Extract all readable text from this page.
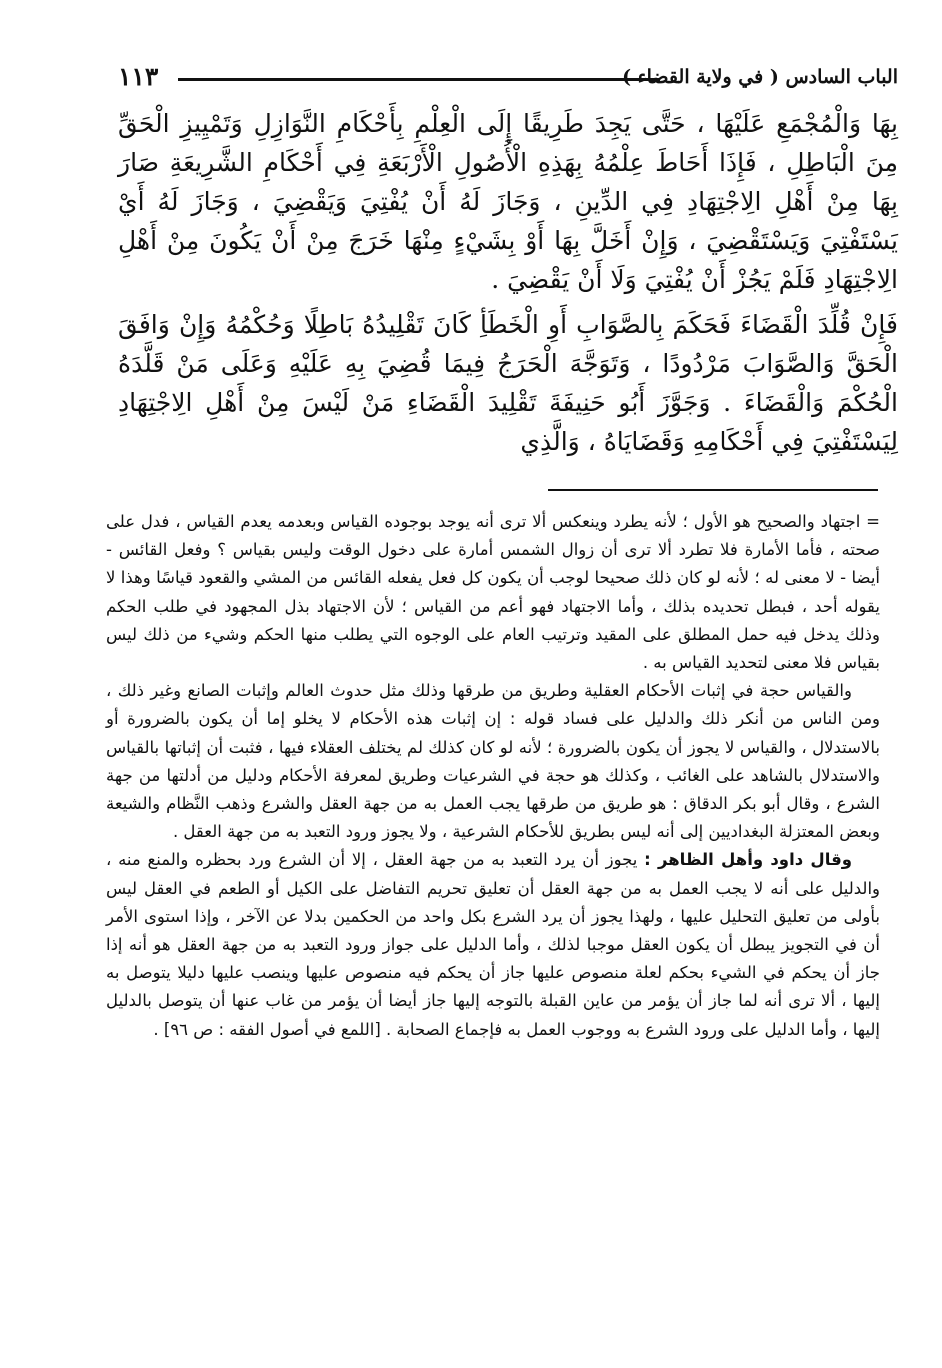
الباب السادس ( في ولاية القضاء )
١١٣

بِهَا وَالْمُجْمَعِ عَلَيْهَا ، حَتَّى يَجِدَ طَرِيقًا إِلَى الْعِلْمِ بِأَحْكَامِ النَّوَازِلِ وَتَمْيِيزِ الْحَقِّ مِنَ الْبَاطِلِ ، فَإِذَا أَحَاطَ عِلْمُهُ بِهَذِهِ الْأُصُولِ الْأَرْبَعَةِ فِي أَحْكَامِ الشَّرِيعَةِ صَارَ بِهَا مِنْ أَهْلِ الِاجْتِهَادِ فِي الدِّينِ ، وَجَازَ لَهُ أَنْ يُفْتِيَ وَيَقْضِيَ ، وَجَازَ لَهُ أَيْ يَسْتَفْتِيَ وَيَسْتَقْضِيَ ، وَإِنْ أَخَلَّ بِهَا أَوْ بِشَيْءٍ مِنْهَا خَرَجَ مِنْ أَنْ يَكُونَ مِنْ أَهْلِ الِاجْتِهَادِ فَلَمْ يَجُزْ أَنْ يُفْتِيَ وَلَا أَنْ يَقْضِيَ .

فَإِنْ قُلِّدَ الْقَضَاءَ فَحَكَمَ بِالصَّوَابِ أَوِ الْخَطَأِ كَانَ تَقْلِيدُهُ بَاطِلًا وَحُكْمُهُ وَإِنْ وَافَقَ الْحَقَّ وَالصَّوَابَ مَرْدُودًا ، وَتَوَجَّهَ الْحَرَجُ فِيمَا قُضِيَ بِهِ عَلَيْهِ وَعَلَى مَنْ قَلَّدَهُ الْحُكْمَ وَالْقَضَاءَ . وَجَوَّزَ أَبُو حَنِيفَةَ تَقْلِيدَ الْقَضَاءِ مَنْ لَيْسَ مِنْ أَهْلِ الِاجْتِهَادِ لِيَسْتَفْتِيَ فِي أَحْكَامِهِ وَقَضَايَاهُ ، وَالَّذِي

= اجتهاد والصحيح هو الأول ؛ لأنه يطرد وينعكس ألا ترى أنه يوجد بوجوده القياس وبعدمه يعدم القياس ، فدل على صحته ، فأما الأمارة فلا تطرد ألا ترى أن زوال الشمس أمارة على دخول الوقت وليس بقياس ؟ وفعل القائس - أيضا - لا معنى له ؛ لأنه لو كان ذلك صحيحا لوجب أن يكون كل فعل يفعله القائس من المشي والقعود قياسًا وهذا لا يقوله أحد ، فبطل تحديده بذلك ، وأما الاجتهاد فهو أعم من القياس ؛ لأن الاجتهاد بذل المجهود في طلب الحكم وذلك يدخل فيه حمل المطلق على المقيد وترتيب العام على الوجوه التي يطلب منها الحكم وشيء من ذلك ليس بقياس فلا معنى لتحديد القياس به .

والقياس حجة في إثبات الأحكام العقلية وطريق من طرقها وذلك مثل حدوث العالم وإثبات الصانع وغير ذلك ، ومن الناس من أنكر ذلك والدليل على فساد قوله : إن إثبات هذه الأحكام لا يخلو إما أن يكون بالضرورة أو بالاستدلال ، والقياس لا يجوز أن يكون بالضرورة ؛ لأنه لو كان كذلك لم يختلف العقلاء فيها ، فثبت أن إثباتها بالقياس والاستدلال بالشاهد على الغائب ، وكذلك هو حجة في الشرعيات وطريق لمعرفة الأحكام ودليل من أدلتها من جهة الشرع ، وقال أبو بكر الدقاق : هو طريق من طرقها يجب العمل به من جهة العقل والشرع وذهب النَّظام والشيعة وبعض المعتزلة البغداديين إلى أنه ليس بطريق للأحكام الشرعية ، ولا يجوز ورود التعبد به من جهة العقل .

وقال داود وأهل الظاهر : يجوز أن يرد التعبد به من جهة العقل ، إلا أن الشرع ورد بحظره والمنع منه ، والدليل على أنه لا يجب العمل به من جهة العقل أن تعليق تحريم التفاضل على الكيل أو الطعم في العقل ليس بأولى من تعليق التحليل عليها ، ولهذا يجوز أن يرد الشرع بكل واحد من الحكمين بدلا عن الآخر ، وإذا استوى الأمر أن في التجويز يبطل أن يكون العقل موجبا لذلك ، وأما الدليل على جواز ورود التعبد به من جهة العقل هو أنه إذا جاز أن يحكم في الشيء بحكم لعلة منصوص عليها جاز أن يحكم فيه منصوص عليها وينصب عليها دليلا يتوصل به إليها ، ألا ترى أنه لما جاز أن يؤمر من عاين القبلة بالتوجه إليها جاز أيضا أن يؤمر من غاب عنها أن يتوصل بالدليل إليها ، وأما الدليل على ورود الشرع به ووجوب العمل به فإجماع الصحابة . [اللمع في أصول الفقه : ص ٩٦] .
